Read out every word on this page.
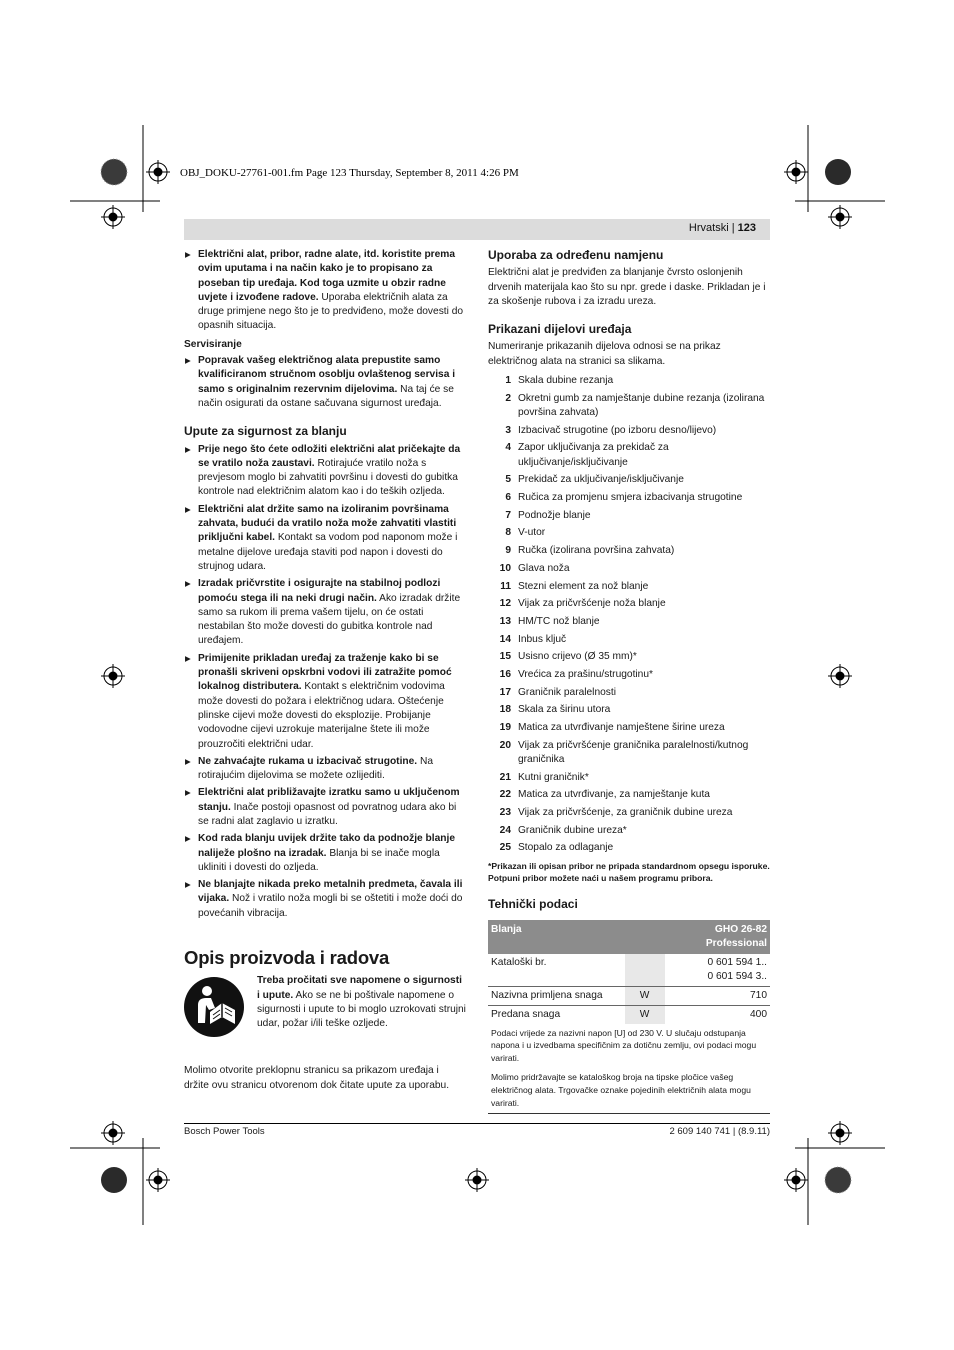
OBJ_DOKU-27761-001.fm Page 123 Thursday, September 8, 2011 4:26 PM
Hrvatski | 123
▶ Električni alat, pribor, radne alate, itd. koristite prema ovim uputama i na način kako je to propisano za poseban tip uređaja. Kod toga uzmite u obzir radne uvjete i izvođene radove. Uporaba električnih alata za druge primjene nego što je to predviđeno, može dovesti do opasnih situacija.
Servisiranje
▶ Popravak vašeg električnog alata prepustite samo kvalificiranom stručnom osoblju ovlaštenog servisa i samo s originalnim rezervnim dijelovima. Na taj će se način osigurati da ostane sačuvana sigurnost uređaja.
Upute za sigurnost za blanju
▶ Prije nego što ćete odložiti električni alat pričekajte da se vratilo noža zaustavi. Rotirajuće vratilo noža s prevjesom moglo bi zahvatiti površinu i dovesti do gubitka kontrole nad električnim alatom kao i do teških ozljeda.
▶ Električni alat držite samo na izoliranim površinama zahvata, budući da vratilo noža može zahvatiti vlastiti priključni kabel. Kontakt sa vodom pod naponom može i metalne dijelove uređaja staviti pod napon i dovesti do strujnog udara.
▶ Izradak pričvrstite i osigurajte na stabilnoj podlozi pomoću stega ili na neki drugi način. Ako izradak držite samo sa rukom ili prema vašem tijelu, on će ostati nestabilan što može dovesti do gubitka kontrole nad uređajem.
▶ Primijenite prikladan uređaj za traženje kako bi se pronašli skriveni opskrbni vodovi ili zatražite pomoć lokalnog distributera. Kontakt s električnim vodovima može dovesti do požara i električnog udara. Oštećenje plinske cijevi može dovesti do eksplozije. Probijanje vodovodne cijevi uzrokuje materijalne štete ili može prouzročiti električni udar.
▶ Ne zahvaćajte rukama u izbacivač strugotine. Na rotirajućim dijelovima se možete ozlijediti.
▶ Električni alat približavajte izratku samo u uključenom stanju. Inače postoji opasnost od povratnog udara ako bi se radni alat zaglavio u izratku.
▶ Kod rada blanju uvijek držite tako da podnožje blanje naliježe plošno na izradak. Blanja bi se inače mogla ukliniti i dovesti do ozljeda.
▶ Ne blanjajte nikada preko metalnih predmeta, čavala ili vijaka. Nož i vratilo noža mogli bi se oštetiti i može doći do povećanih vibracija.
Opis proizvoda i radova
Treba pročitati sve napomene o sigurnosti i upute. Ako se ne bi poštivale napomene o sigurnosti i upute to bi moglo uzrokovati strujni udar, požar i/ili teške ozljede.

Molimo otvorite preklopnu stranicu sa prikazom uređaja i držite ovu stranicu otvorenom dok čitate upute za uporabu.

Uporaba za određenu namjenu

Električni alat je predviđen za blanjanje čvrsto oslonjenih drvenih materijala kao što su npr. grede i daske. Prikladan je i za skošenje rubova i za izradu ureza.

Prikazani dijelovi uređaja

Numeriranje prikazanih dijelova odnosi se na prikaz električnog alata na stranici sa slikama.

1 Skala dubine rezanja
2 Okretni gumb za namještanje dubine rezanja (izolirana površina zahvata)
3 Izbacivač strugotine (po izboru desno/lijevo)
4 Zapor uključivanja za prekidač za uključivanje/isključivanje
5 Prekidač za uključivanje/isključivanje
6 Ručica za promjenu smjera izbacivanja strugotine
7 Podnožje blanje
8 V-utor
9 Ručka (izolirana površina zahvata)
10 Glava noža
11 Stezni element za nož blanje
12 Vijak za pričvršćenje noža blanje
13 HM/TC nož blanje
14 Inbus ključ
15 Usisno crijevo (Ø 35 mm)*
16 Vrećica za prašinu/strugotinu*
17 Graničnik paralelnosti
18 Skala za širinu utora
19 Matica za utvrđivanje namještene širine ureza
20 Vijak za pričvršćenje graničnika paralelnosti/kutnog graničnika
21 Kutni graničnik*
22 Matica za utvrđivanje, za namještanje kuta
23 Vijak za pričvršćenje, za graničnik dubine ureza
24 Graničnik dubine ureza*
25 Stopalo za odlaganje
*Prikazan ili opisan pribor ne pripada standardnom opsegu isporuke. Potpuni pribor možete naći u našem programu pribora.
Tehnički podaci
Blanja		GHO 26-82
Professional
Kataloški br.		0 601 594 1..
0 601 594 3..
Nazivna primljena snaga	W	710
Predana snaga	W	400
Podaci vrijede za nazivni napon [U] od 230 V. U slučaju odstupanja napona i u izvedbama specifičnim za dotičnu zemlju, ovi podaci mogu varirati.		
Molimo pridržavajte se kataloškog broja na tipske pločice vašeg električnog alata. Trgovačke oznake pojedinih električnih alata mogu varirati.		
Bosch Power Tools	2 609 140 741 | (8.9.11)
